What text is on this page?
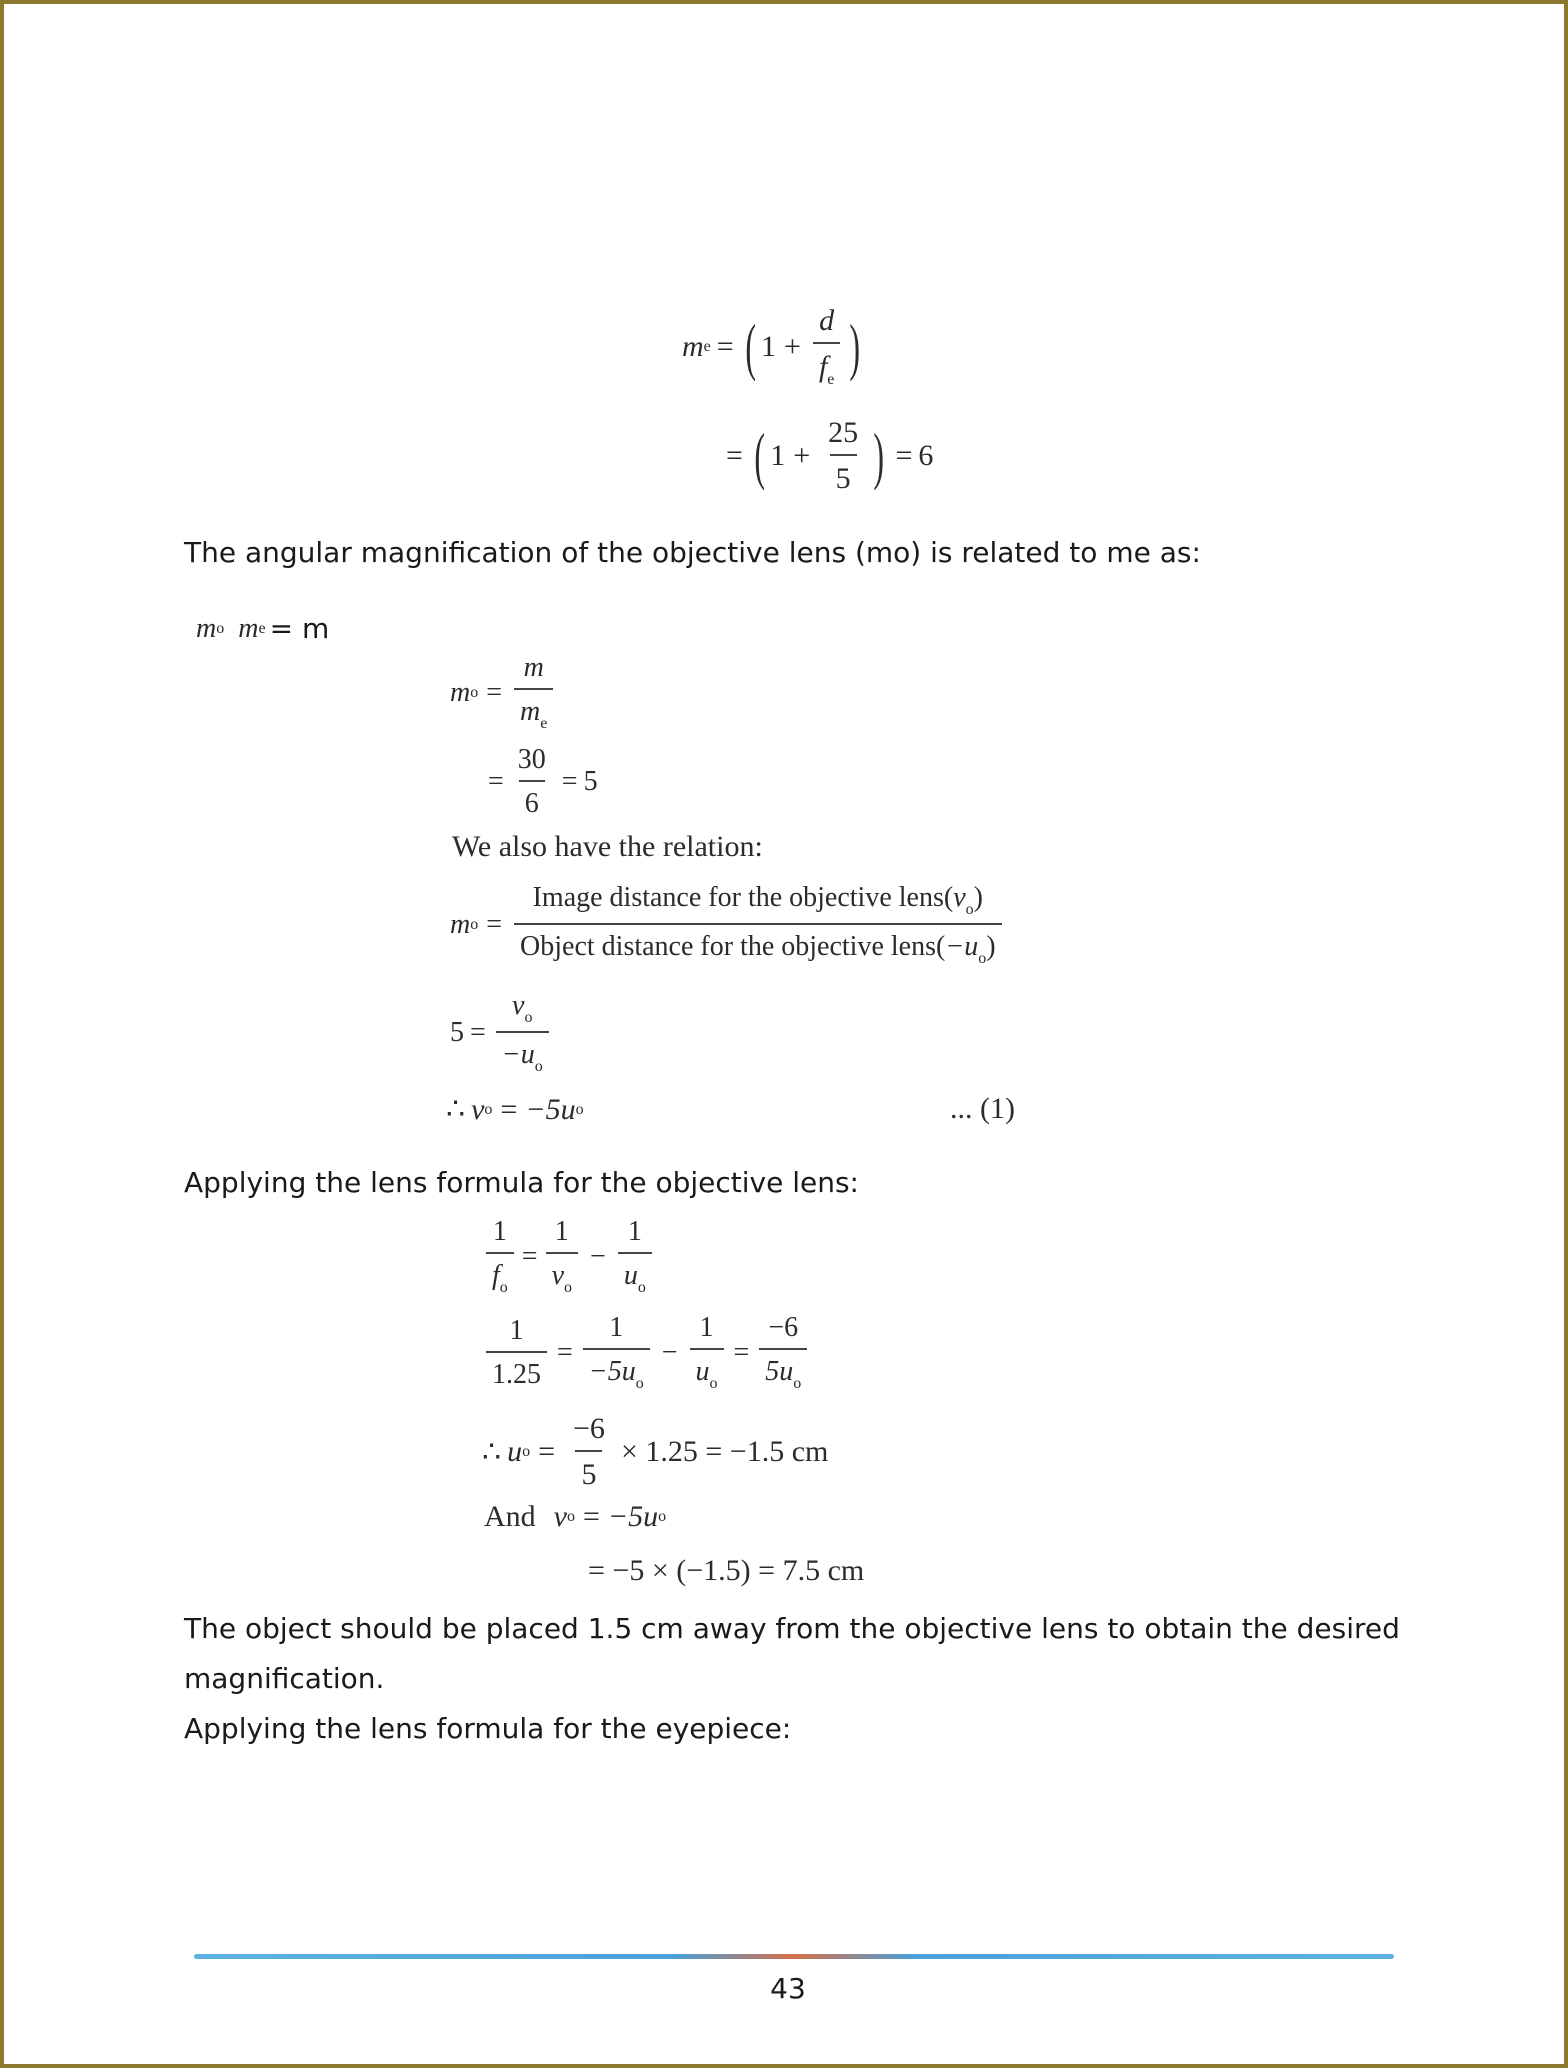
m e = ( $1 + \frac{d}{f_e}$ )
= ( $1 + \frac{25}{5}$ ) = 6
The angular magnification of the objective lens (mo) is related to me as:
m o m e = m
m $o = \frac{m}{m_e}$
= $\frac{30}{6} = 5$
We also have the relation:
m $o = \frac{Image distance for the objective lens(v_o)}{Object distance for the objective lens(-u_o)}$
$5 = \frac{v_o}{-u_o}$
∴ v o = −5u o	... (1)
Applying the lens formula for the objective lens:
$\frac{1}{f_o} = \frac{1}{v_o} - \frac{1}{u_o}$
$\frac{1}{1.25} = \frac{1}{-5u_o} - \frac{1}{u_o} = \frac{-6}{5u_o}$
∴ u $o = \frac{-6}{5} \times 1.25 = -1.5$ cm
And v o = −5u o
= −5 × (−1.5) = 7.5 cm
The object should be placed 1.5 cm away from the objective lens to obtain the desired
magnification.
Applying the lens formula for the eyepiece:
43
